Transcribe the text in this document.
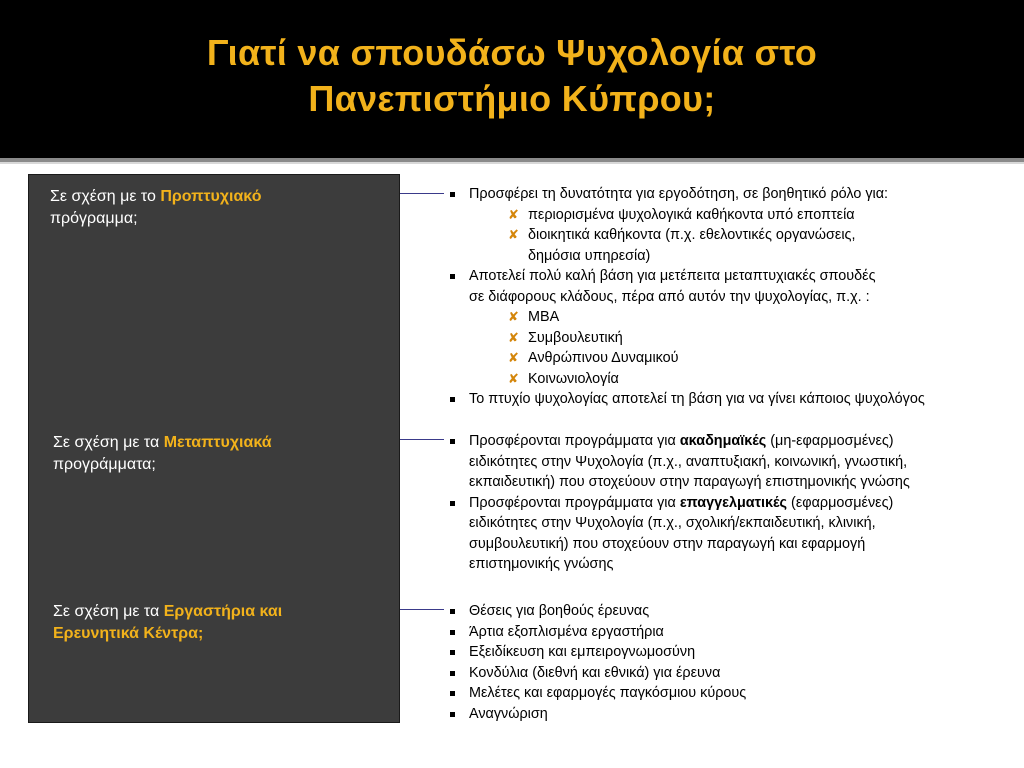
Γιατί να σπουδάσω Ψυχολογία στο
Πανεπιστήμιο Κύπρου;
Σε σχέση με το Προπτυχιακό
πρόγραμμα;
Σε σχέση με τα Μεταπτυχιακά
προγράμματα;
Σε σχέση με τα Εργαστήρια και
Ερευνητικά Κέντρα;
Προσφέρει τη δυνατότητα για εργοδότηση, σε βοηθητικό ρόλο για:
✘ περιορισμένα ψυχολογικά καθήκοντα υπό εποπτεία
✘ διοικητικά καθήκοντα (π.χ. εθελοντικές οργανώσεις,
δημόσια υπηρεσία)
Αποτελεί πολύ καλή βάση για μετέπειτα μεταπτυχιακές σπουδές
σε διάφορους κλάδους, πέρα από αυτόν την ψυχολογίας, π.χ. :
✘ MBA
✘ Συμβουλευτική
✘ Ανθρώπινου Δυναμικού
✘ Κοινωνιολογία
Το πτυχίο ψυχολογίας αποτελεί τη βάση για να γίνει κάποιος ψυχολόγος
Προσφέρονται προγράμματα για ακαδημαϊκές (μη-εφαρμοσμένες)
ειδικότητες στην Ψυχολογία (π.χ., αναπτυξιακή, κοινωνική, γνωστική,
εκπαιδευτική) που στοχεύουν στην παραγωγή επιστημονικής γνώσης
Προσφέρονται προγράμματα για επαγγελματικές (εφαρμοσμένες)
ειδικότητες στην Ψυχολογία (π.χ., σχολική/εκπαιδευτική, κλινική,
συμβουλευτική) που στοχεύουν στην παραγωγή και εφαρμογή
επιστημονικής γνώσης
Θέσεις για βοηθούς έρευνας
Άρτια εξοπλισμένα εργαστήρια
Εξειδίκευση και εμπειρογνωμοσύνη
Κονδύλια (διεθνή και εθνικά) για έρευνα
Μελέτες και εφαρμογές παγκόσμιου κύρους
Αναγνώριση
